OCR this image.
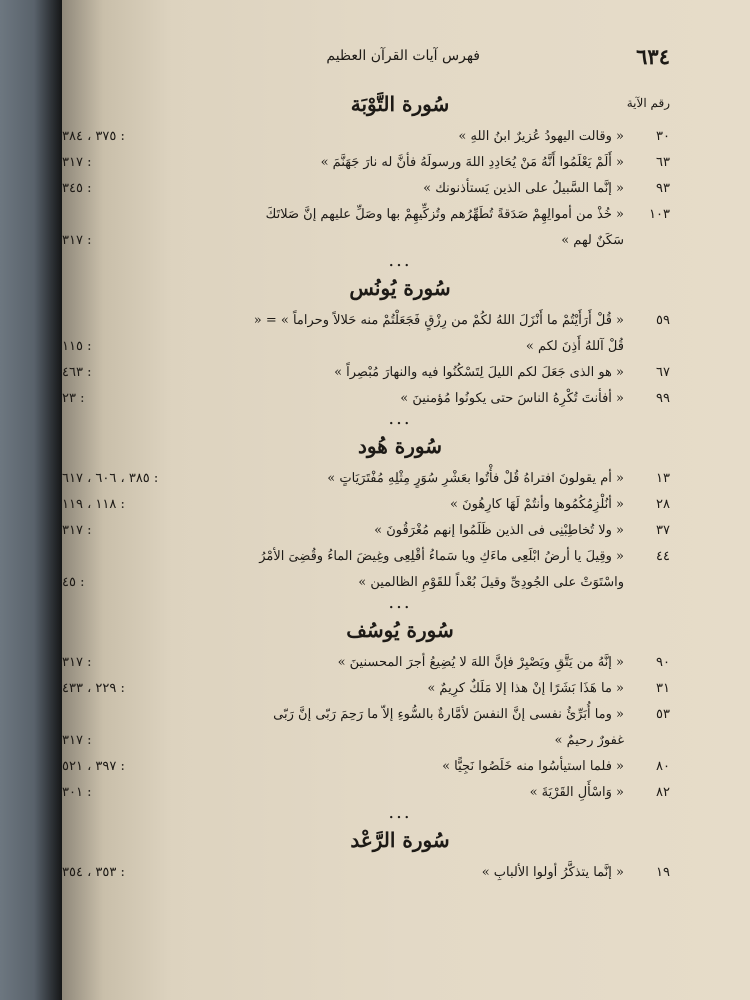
٦٣٤
فهرس آيات القرآن العظيم
رقم الآية
سُورة التَّوْبَة
٣٠
« وقالت اليهودُ عُزيرٌ ابنُ اللهِ »
: ٣٧٥ ، ٣٨٤
٦٣
« أَلَمْ يَعْلَمُوا أَنَّهُ مَنْ يُحَادِدِ اللهَ ورسولَهُ فأنَّ له نارَ جَهَنَّمَ »
: ٣١٧
٩٣
« إنَّما السَّبيلُ على الذين يَستأذنونك »
: ٣٤٥
١٠٣
« خُذْ من أموالِهِمْ صَدَقةً تُطَهِّرُهم وتُزكِّيهِمْ بها وصَلِّ عليهم إنَّ صَلاتَكَ سَكَنٌ لهم »
: ٣١٧
...
سُورة يُونُس
٥٩
« قُلْ أَرَأَيْتُمْ ما أَنْزَلَ اللهُ لكُمْ من رِزْقٍ فَجَعَلْتُمْ منه حَلالاً وحراماً » = « قُلْ آللهُ أَذِنَ لكم »
: ١١٥
٦٧
« هو الذى جَعَلَ لكم الليلَ لِتَسْكُنُوا فيه والنهارَ مُبْصِراً »
: ٤٦٣
٩٩
« أفأنتَ تُكْرِهُ الناسَ حتى يكونُوا مُؤمنينَ »
: ٢٣
...
سُورة هُود
١٣
« أم يقولونَ افتراهُ قُلْ فأْتُوا بعَشْرِ سُوَرٍ مِثْلِهِ مُفْتَرَيَاتٍ »
: ٣٨٥ ، ٦٠٦ ، ٦١٧
٢٨
« أنُلْزِمُكُمُوها وأنتُمْ لَهَا كارِهُونَ »
: ١١٨ ، ١١٩
٣٧
« ولا تُخاطِبْنِى فى الذين ظَلَمُوا إنهم مُغْرَقُونَ »
: ٣١٧
٤٤
« وقِيلَ يا أرضُ ابْلَعِى ماءَكِ ويا سَماءُ أقْلِعِى وغِيضَ الماءُ وقُضِىَ الأمْرُ واسْتَوَتْ على الجُودِىِّ وقيلَ بُعْداً للقَوْمِ الظالمين »
: ٤٥
...
سُورة يُوسُف
٩٠
« إنَّهُ من يَتَّقِ ويَصْبِرْ فإنَّ اللهَ لا يُضِيعُ أجرَ المحسنينَ »
: ٣١٧
٣١
« ما هَذَا بَشَرًا إنْ هذا إلا مَلَكٌ كرِيمٌ »
: ٢٢٩ ، ٤٣٣
٥٣
« وما أُبَرِّئُ نفسى إنَّ النفسَ لأمَّارةٌ بالسُّوءِ إلاّ ما رَحِمَ رَبّى إنَّ رَبّى غفورٌ رحيمٌ »
: ٣١٧
٨٠
« فلما استيأسُوا منه خَلَصُوا نَجِيًّا »
: ٣٩٧ ، ٥٢١
٨٢
« وَاسْأَلِ القَرْيَةَ »
: ٣٠١
...
سُورة الرَّعْد
١٩
« إنَّما يتذكَّرُ أولوا الألبابِ »
: ٣٥٣ ، ٣٥٤
